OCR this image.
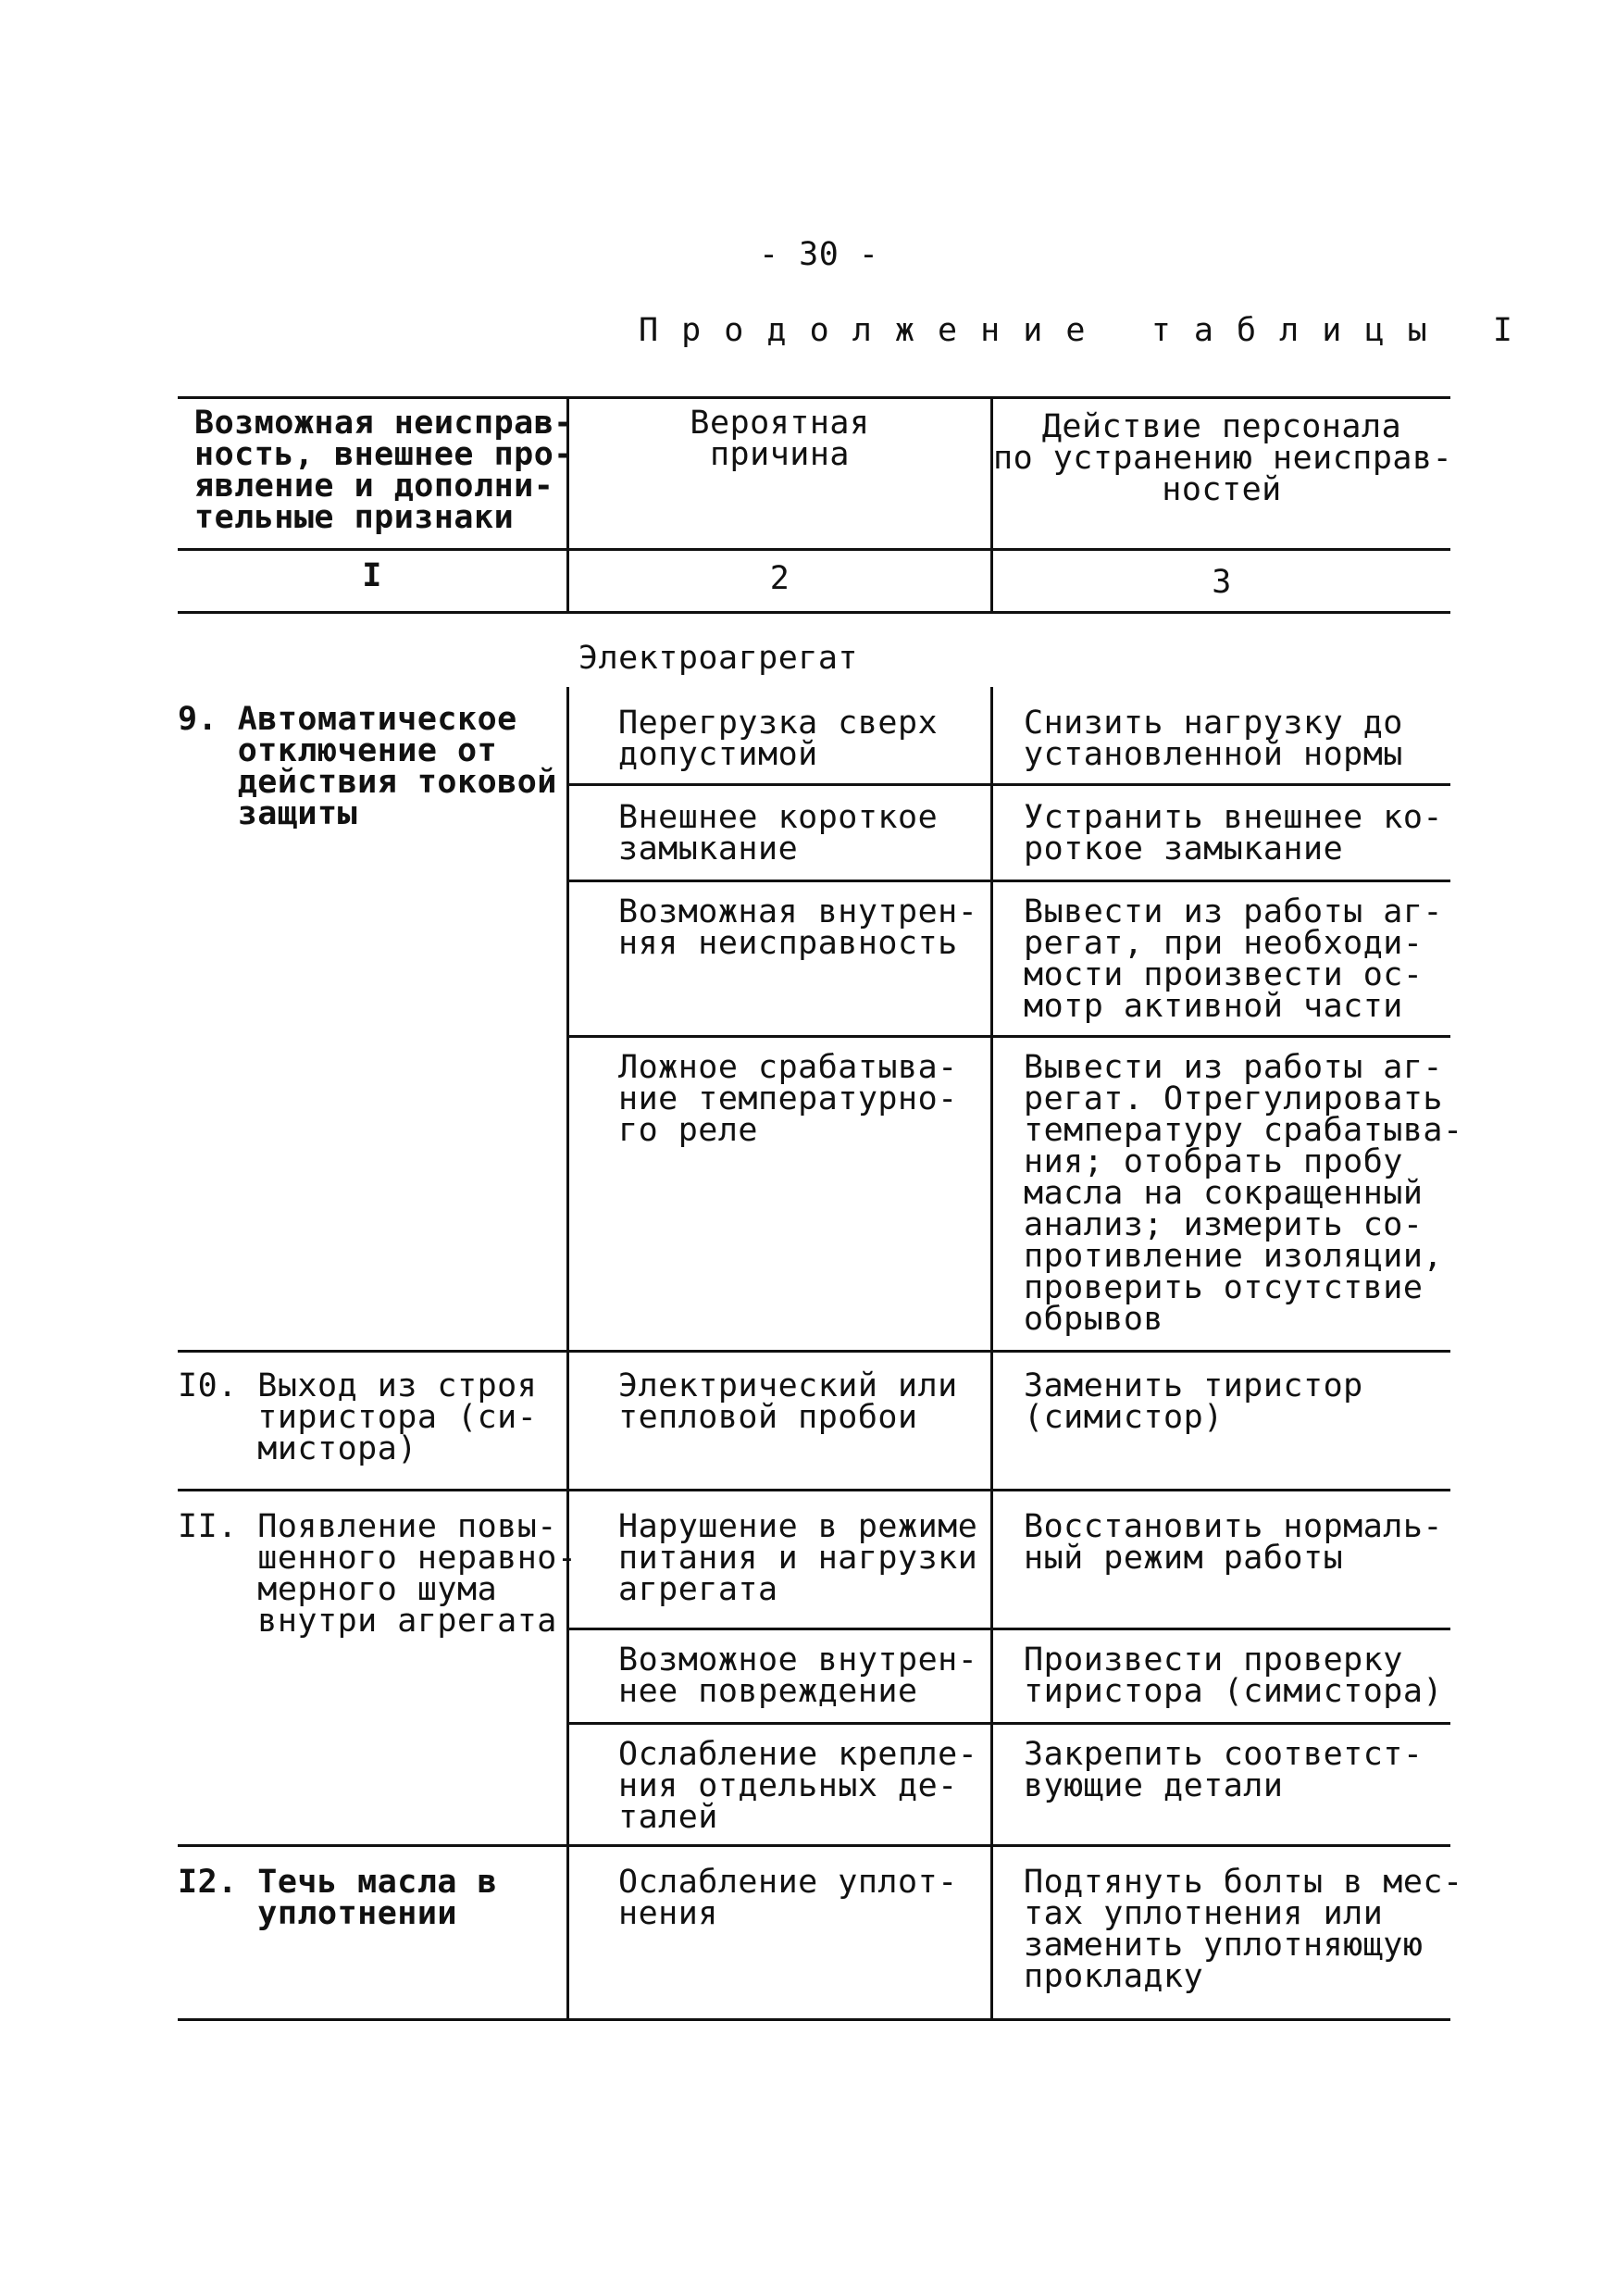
- 30 -
П р о д о л ж е н и е   т а б л и ц ы   I
Возможная неисправ-
ность, внешнее про-
явление и дополни-
тельные признаки
Вероятная
причина
Действие персонала
по устранению неисправ-
ностей
I	2	3
Электроагрегат
9. Автоматическое
отключение от
действия токовой
защиты
Перегрузка сверх
допустимой
Снизить нагрузку до
установленной нормы
Внешнее короткое
замыкание
Устранить внешнее ко-
роткое замыкание
Возможная внутрен-
няя неисправность
Вывести из работы аг-
регат, при необходи-
мости произвести ос-
мотр активной части
Ложное срабатыва-
ние температурно-
го реле
Вывести из работы аг-
регат. Отрегулировать
температуру срабатыва-
ния; отобрать пробу
масла на сокращенный
анализ; измерить со-
противление изоляции,
проверить отсутствие
обрывов
I0. Выход из строя
тиристора (си-
мистора)
Электрический или
тепловой пробои
Заменить тиристор
(симистор)
II. Появление повы-
шенного неравно-
мерного шума
внутри агрегата
Нарушение в режиме
питания и нагрузки
агрегата
Восстановить нормаль-
ный режим работы
Возможное внутрен-
нее повреждение
Произвести проверку
тиристора (симистора)
Ослабление крепле-
ния отдельных де-
талей
Закрепить соответст-
вующие детали
I2. Течь масла в
уплотнении
Ослабление уплот-
нения
Подтянуть болты в мес-
тах уплотнения или
заменить уплотняющую
прокладку
